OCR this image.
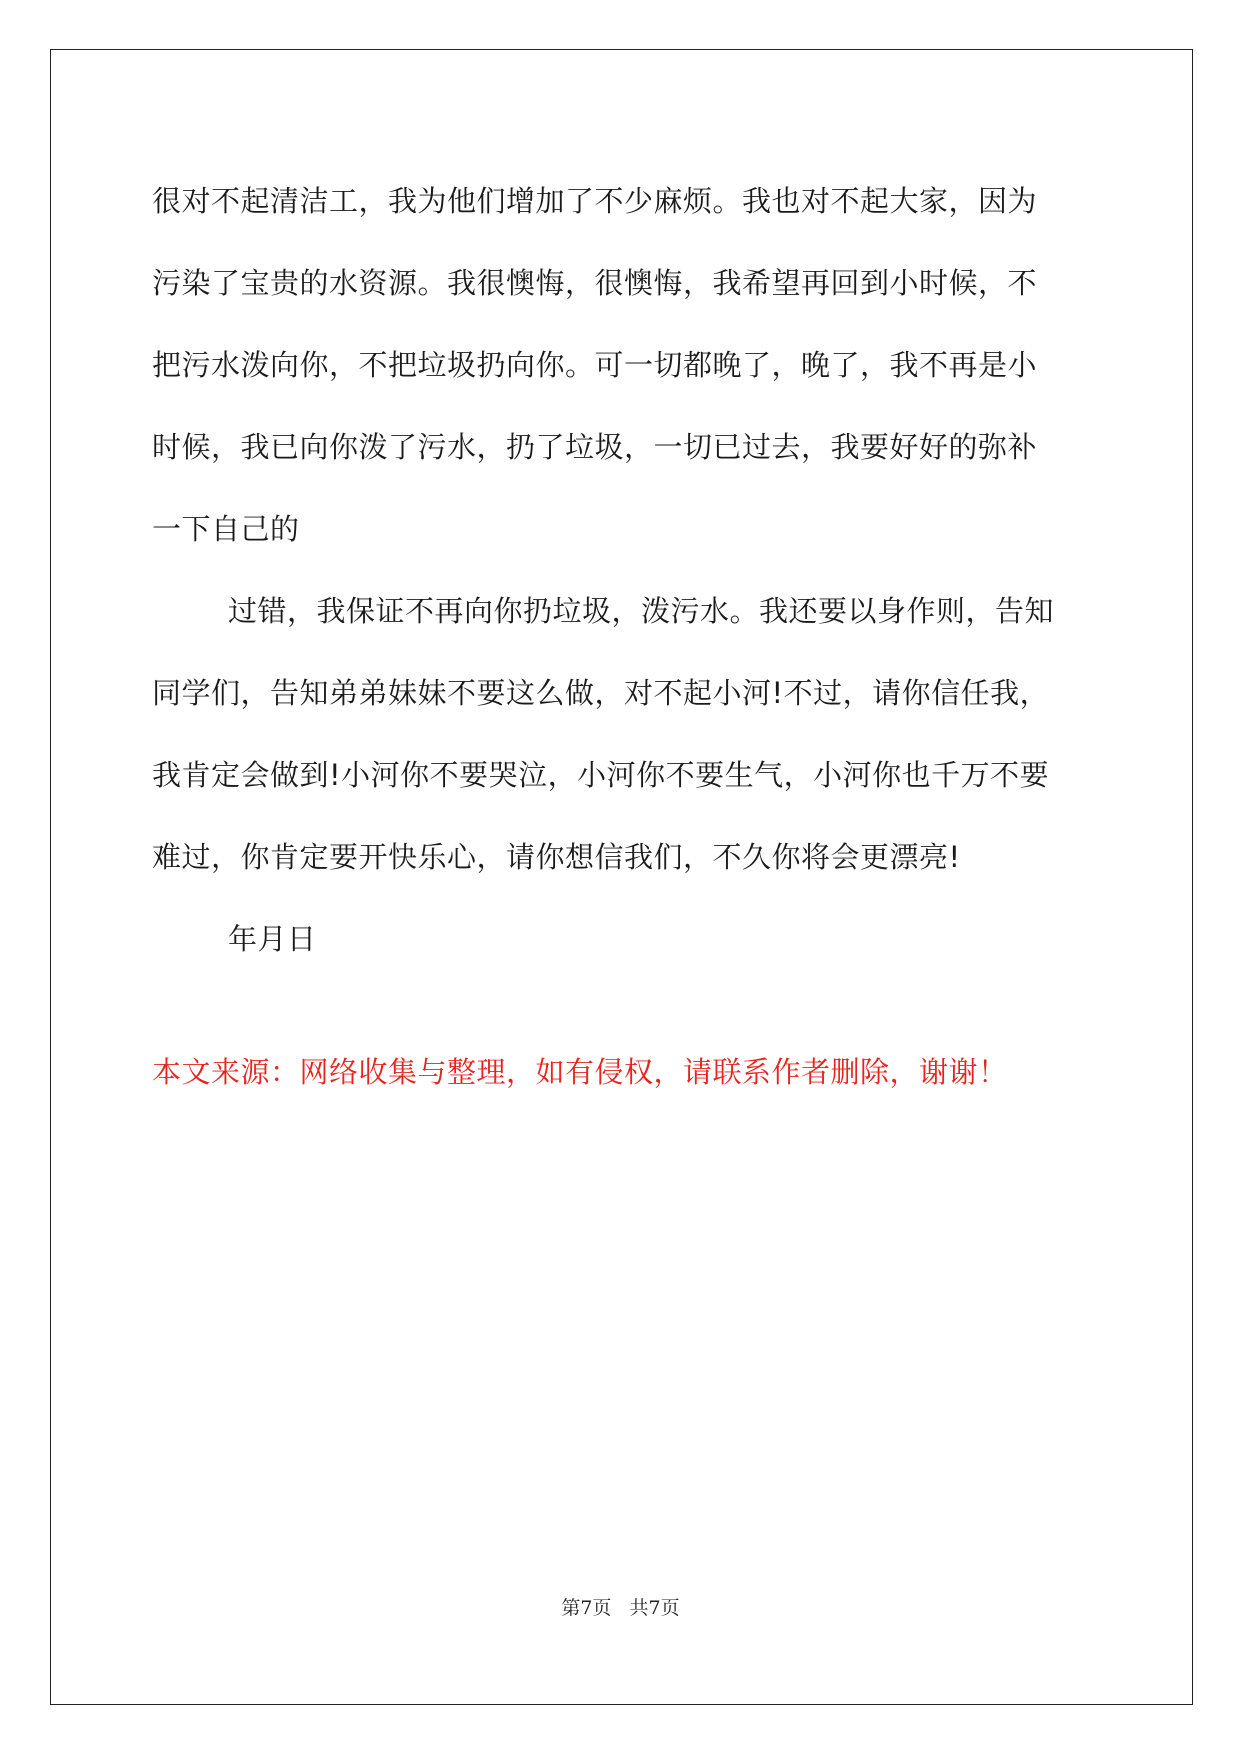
很对不起清洁工，我为他们增加了不少麻烦。我也对不起大家，因为
污染了宝贵的水资源。我很懊悔，很懊悔，我希望再回到小时候，不
把污水泼向你，不把垃圾扔向你。可一切都晚了，晚了，我不再是小
时候，我已向你泼了污水，扔了垃圾，一切已过去，我要好好的弥补
一下自己的
过错，我保证不再向你扔垃圾，泼污水。我还要以身作则，告知
同学们，告知弟弟妹妹不要这么做，对不起小河!不过，请你信任我，
我肯定会做到!小河你不要哭泣，小河你不要生气，小河你也千万不要
难过，你肯定要开快乐心，请你想信我们，不久你将会更漂亮!
年月日
本文来源：网络收集与整理，如有侵权，请联系作者删除，谢谢！
第7页   共7页
